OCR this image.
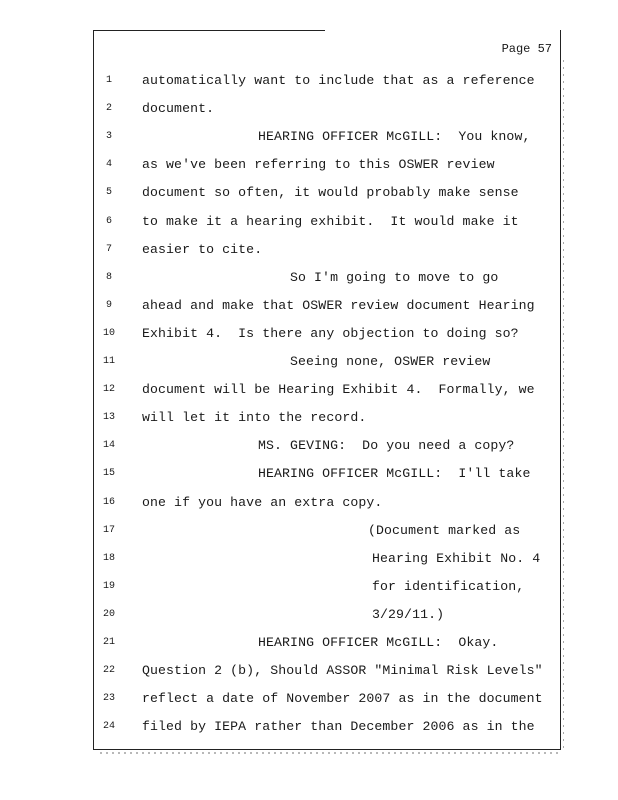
Page 57
1	automatically want to include that as a reference
2	document.
3	HEARING OFFICER McGILL:  You know,
4	as we've been referring to this OSWER review
5	document so often, it would probably make sense
6	to make it a hearing exhibit.  It would make it
7	easier to cite.
8	So I'm going to move to go
9	ahead and make that OSWER review document Hearing
10	Exhibit 4.  Is there any objection to doing so?
11	Seeing none, OSWER review
12	document will be Hearing Exhibit 4.  Formally, we
13	will let it into the record.
14	MS. GEVING:  Do you need a copy?
15	HEARING OFFICER McGILL:  I'll take
16	one if you have an extra copy.
17	(Document marked as
18	Hearing Exhibit No. 4
19	for identification,
20	3/29/11.)
21	HEARING OFFICER McGILL:  Okay.
22	Question 2 (b), Should ASSOR "Minimal Risk Levels"
23	reflect a date of November 2007 as in the document
24	filed by IEPA rather than December 2006 as in the
